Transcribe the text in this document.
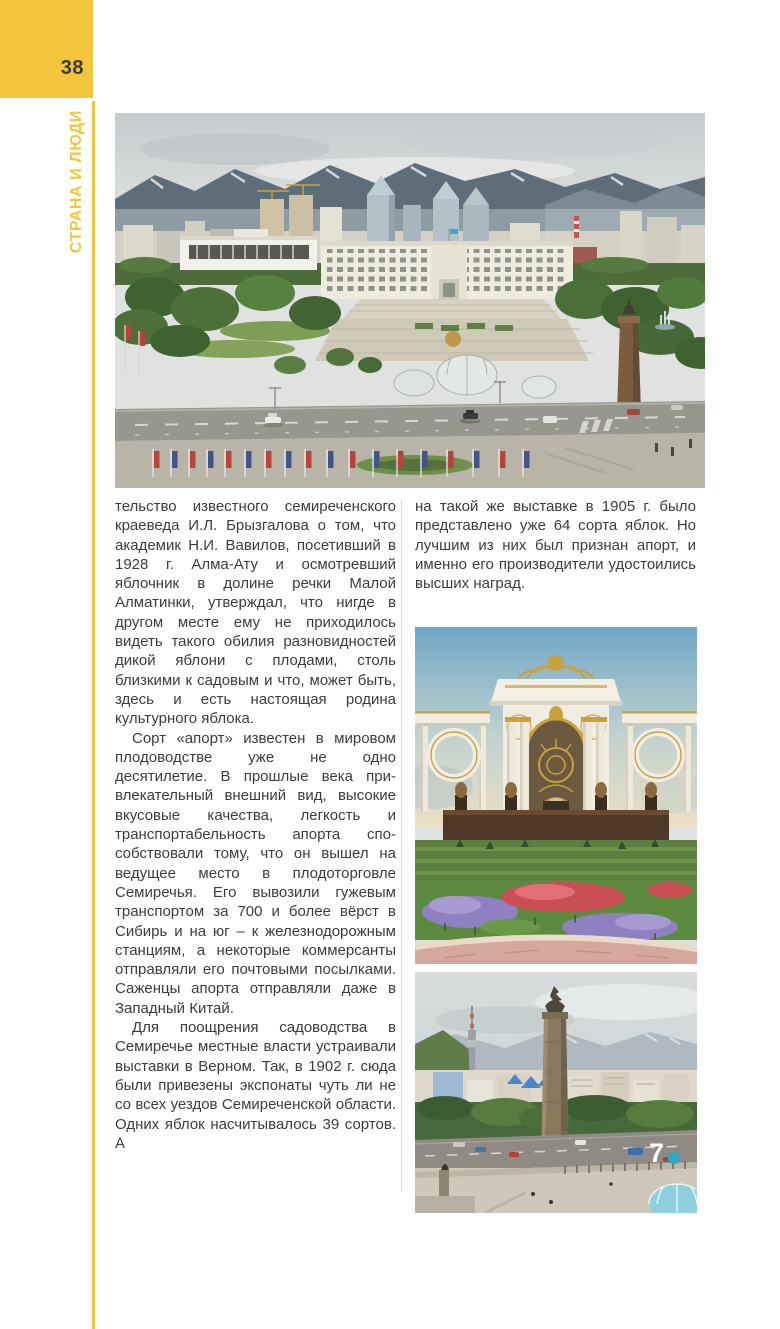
38
СТРАНА И ЛЮДИ

тельство известного семиреченского краеведа И.Л. Брызгалова о том, что академик Н.И. Вавилов, посетивший в 1928 г. Алма-Ату и осмотревший яблочник в долине речки Малой Алматинки, утверждал, что нигде в другом месте ему не приходилось видеть такого обилия разновидностей дикой яблони с плодами, столь близкими к садовым и что, может быть, здесь и есть настоящая родина культурного яблока.

Сорт «апорт» известен в мировом плодоводстве уже не одно десятилетие. В прошлые века привлекательный внешний вид, высокие вкусовые качества, легкость и транспортабельность апорта способствовали тому, что он вышел на ведущее место в плодоторговле Семиречья. Его вывозили гужевым транспортом за 700 и более вёрст в Сибирь и на юг – к железнодорожным станциям, а некоторые коммерсанты отправляли его почтовыми посылками. Саженцы апорта отправляли даже в Западный Китай.

Для поощрения садоводства в Семиречье местные власти устраивали выставки в Верном. Так, в 1902 г. сюда были привезены экспонаты чуть ли не со всех уездов Семиреченской области. Одних яблок насчитывалось 39 сортов. А

на такой же выставке в 1905 г. было представлено уже 64 сорта яблок. Но лучшим из них был признан апорт, и именно его производители удостоились высших наград.

7
